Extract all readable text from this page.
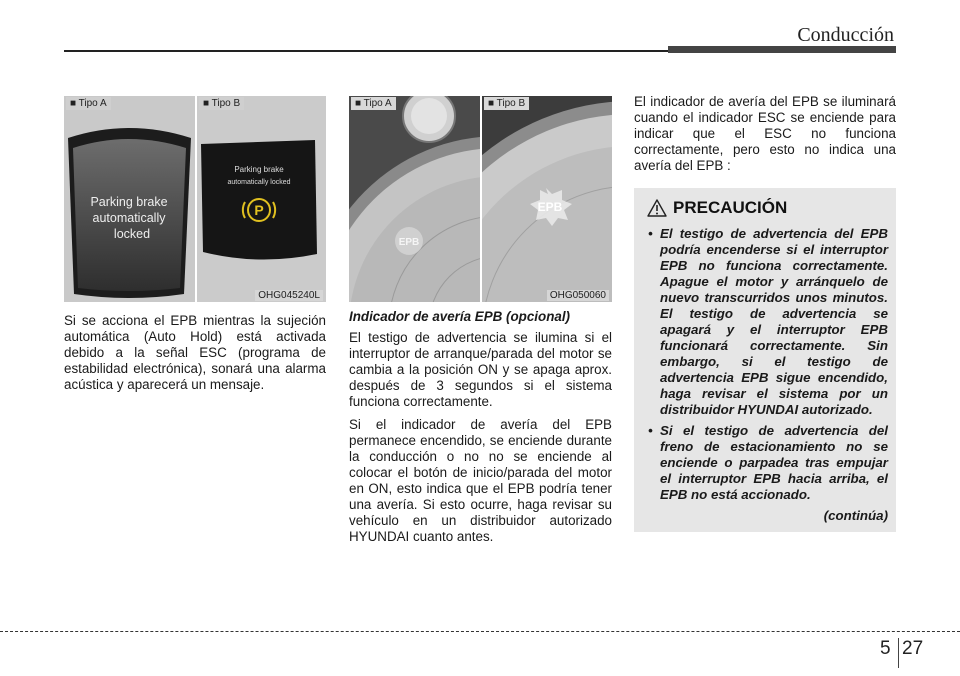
Conducción
■ Tipo A
Parking brake
automatically
locked
■ Tipo B
Parking brake
automatically locked
P
OHG045240L
■ Tipo A
EPB
■ Tipo B
EPB
OHG050060

Si se acciona el EPB mientras la sujeción automática (Auto Hold) está activada debido a la señal ESC (programa de estabilidad electrónica), sonará una alarma acústica y aparecerá un mensaje.

Indicador de avería EPB (opcional)

El testigo de advertencia se ilumina si el interruptor de arranque/parada del motor se cambia a la posición ON y se apaga aprox. después de 3 segundos si el sistema funciona correctamente.

Si el indicador de avería del EPB permanece encendido, se enciende durante la conducción o no no se enciende al colocar el botón de inicio/parada del motor en ON, esto indica que el EPB podría tener una avería. Si esto ocurre, haga revisar su vehículo en un distribuidor autorizado HYUNDAI cuanto antes.

El indicador de avería del EPB se iluminará cuando el indicador ESC se enciende para indicar que el ESC no funciona correctamente, pero esto no indica una avería del EPB :

PRECAUCIÓN
• El testigo de advertencia del EPB podría encenderse si el interruptor EPB no funciona correctamente. Apague el motor y arránquelo de nuevo transcurridos unos minutos. El testigo de advertencia se apagará y el interruptor EPB funcionará correctamente. Sin embargo, si el testigo de advertencia EPB sigue encendido, haga revisar el sistema por un distribuidor HYUNDAI autorizado.
• Si el testigo de advertencia del freno de estacionamiento no se enciende o parpadea tras empujar el interruptor EPB hacia arriba, el EPB no está accionado.
(continúa)
5 27
